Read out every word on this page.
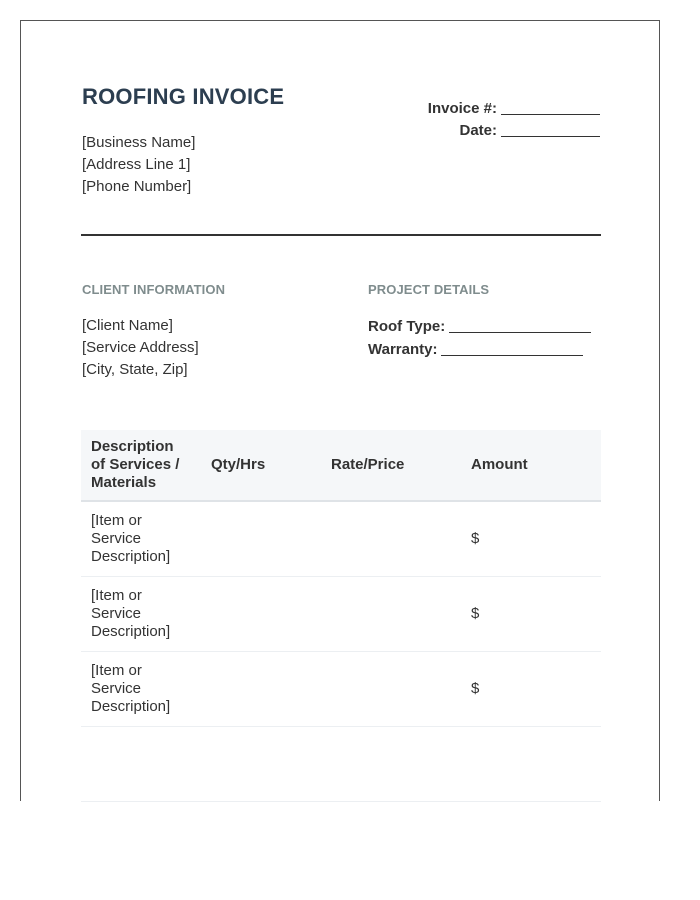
ROOFING INVOICE
[Business Name]
[Address Line 1]
[Phone Number]
Invoice #:
Date:
CLIENT INFORMATION	PROJECT DETAILS
[Client Name]
[Service Address]
[City, State, Zip]
Roof Type:
Warranty:
Description of Services / Materials	Qty/Hrs	Rate/Price	Amount
[Item or Service Description]			$
[Item or Service Description]			$
[Item or Service Description]			$
